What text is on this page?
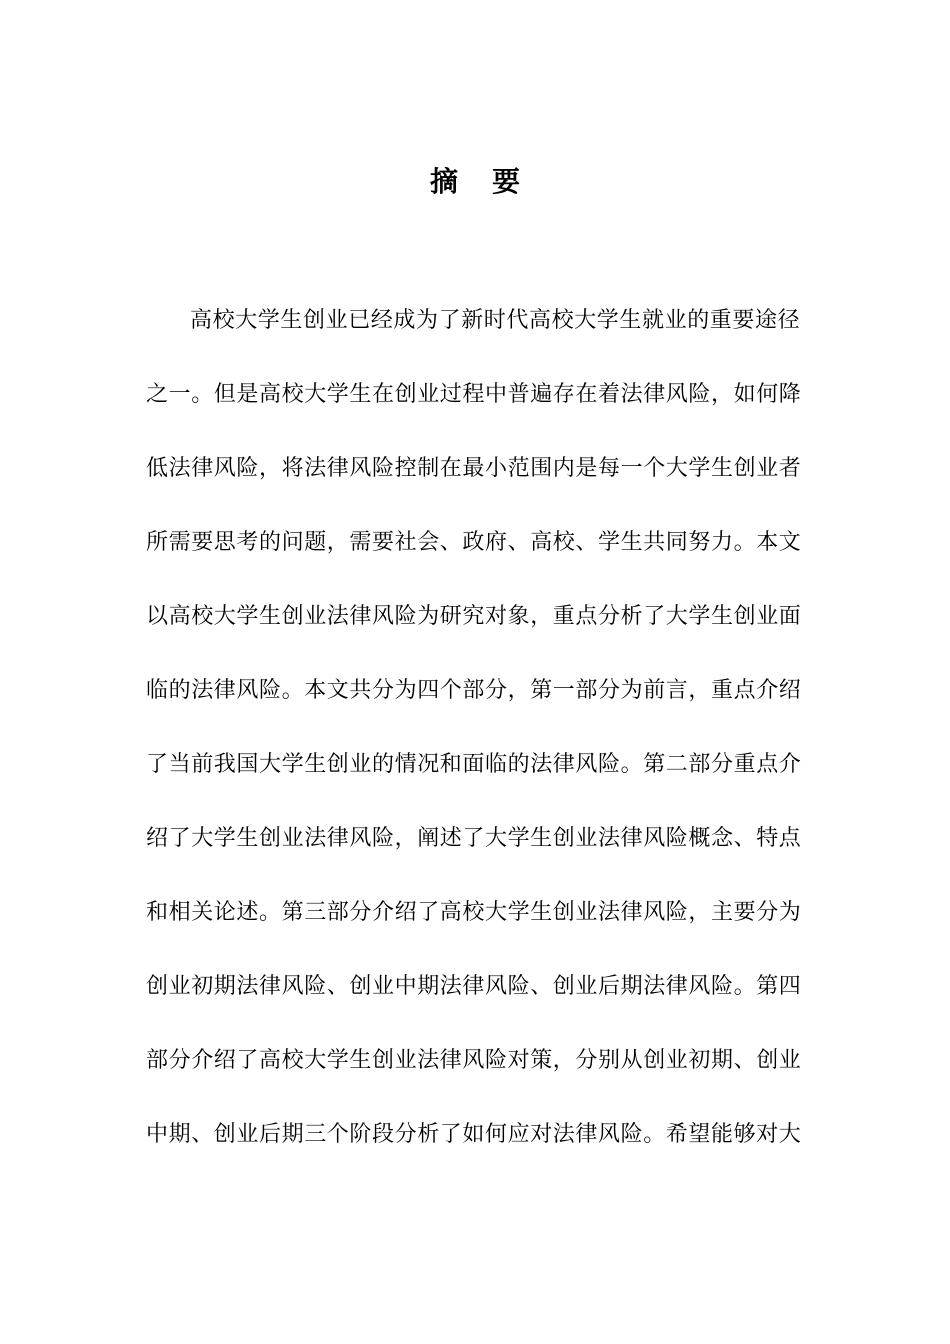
摘要
高校大学生创业已经成为了新时代高校大学生就业的重要途径
之一。但是高校大学生在创业过程中普遍存在着法律风险，如何降
低法律风险，将法律风险控制在最小范围内是每一个大学生创业者
所需要思考的问题，需要社会、政府、高校、学生共同努力。本文
以高校大学生创业法律风险为研究对象，重点分析了大学生创业面
临的法律风险。本文共分为四个部分，第一部分为前言，重点介绍
了当前我国大学生创业的情况和面临的法律风险。第二部分重点介
绍了大学生创业法律风险，阐述了大学生创业法律风险概念、特点
和相关论述。第三部分介绍了高校大学生创业法律风险，主要分为
创业初期法律风险、创业中期法律风险、创业后期法律风险。第四
部分介绍了高校大学生创业法律风险对策，分别从创业初期、创业
中期、创业后期三个阶段分析了如何应对法律风险。希望能够对大
